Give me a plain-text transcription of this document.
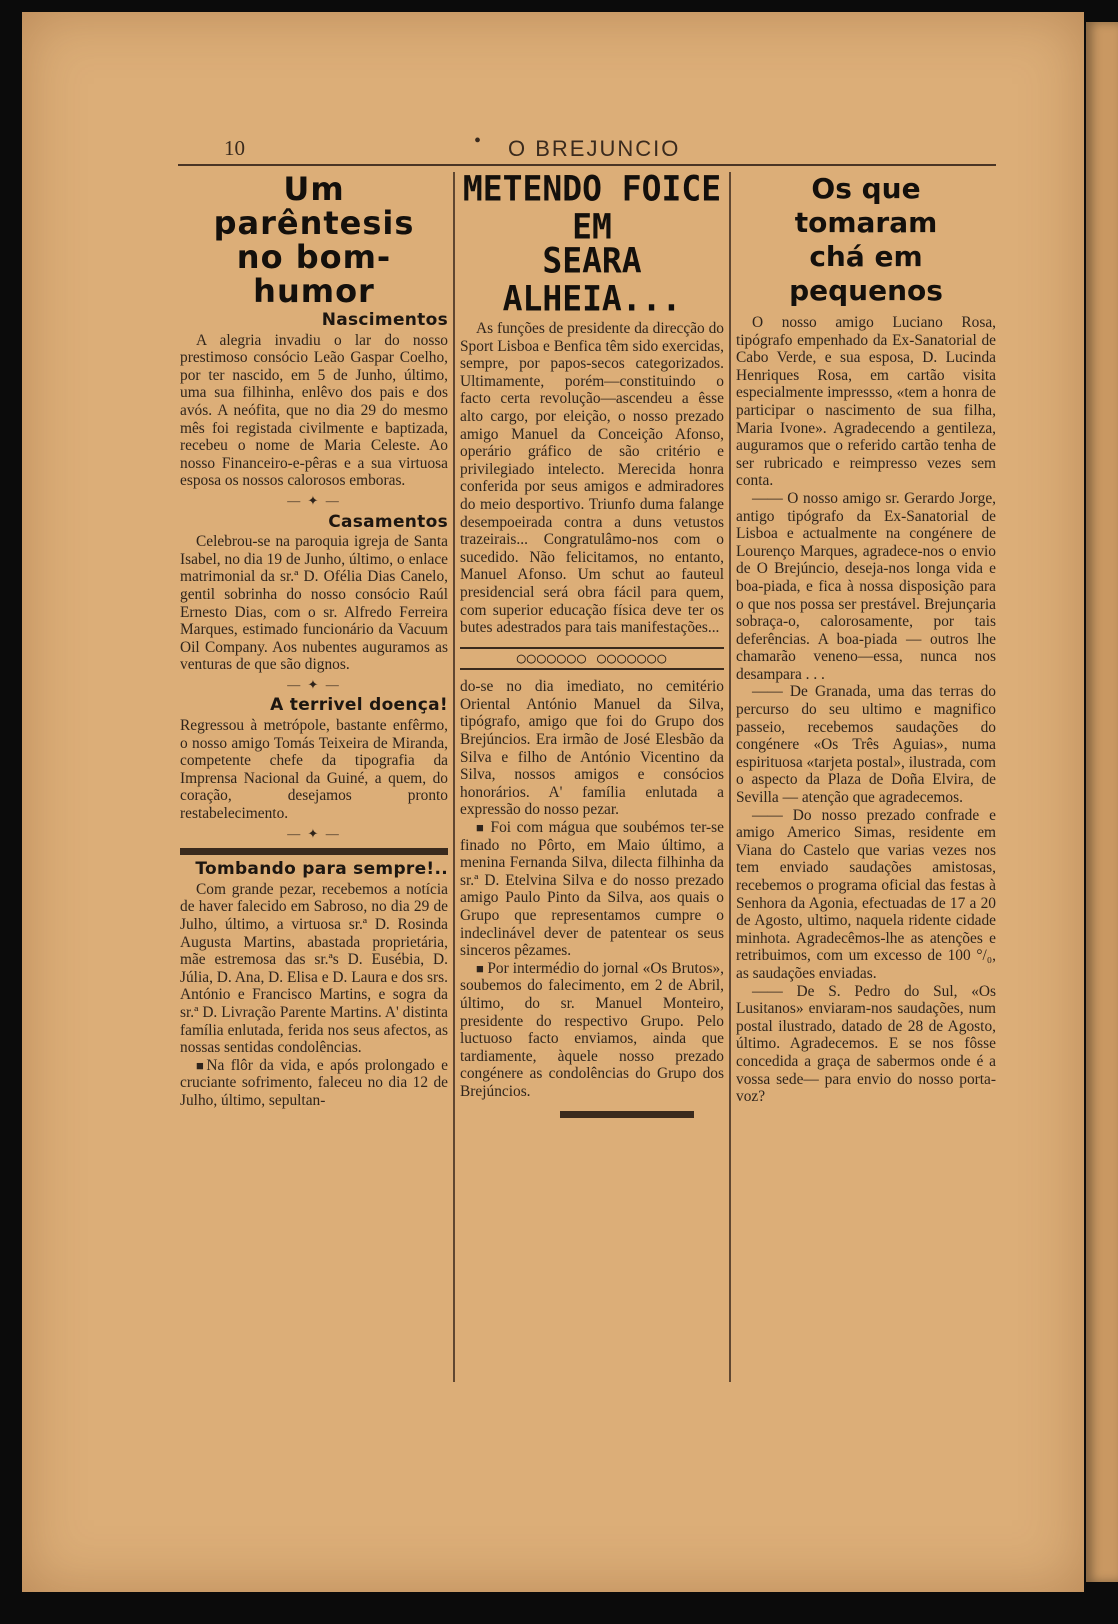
10	• O BREJUNCIO

Um parêntesis

no bom-humor

Nascimentos

A alegria invadiu o lar do nosso prestimoso consócio Leão Gaspar Coelho, por ter nascido, em 5 de Junho, último, uma sua filhinha, enlêvo dos pais e dos avós. A neófita, que no dia 29 do mesmo mês foi registada civilmente e baptizada, recebeu o nome de Maria Celeste. Ao nosso Financeiro-e-pêras e a sua virtuosa esposa os nossos calorosos emboras.

— ✦ —
Casamentos

Celebrou-se na paroquia igreja de Santa Isabel, no dia 19 de Junho, último, o enlace matrimonial da sr.ª D. Ofélia Dias Canelo, gentil sobrinha do nosso consócio Raúl Ernesto Dias, com o sr. Alfredo Ferreira Marques, estimado funcionário da Vacuum Oil Company. Aos nubentes auguramos as venturas de que são dignos.

— ✦ —
A terrivel doença!

Regressou à metrópole, bastante enfêrmo, o nosso amigo Tomás Teixeira de Miranda, competente chefe da tipografia da Imprensa Nacional da Guiné, a quem, do coração, desejamos pronto restabelecimento.

— ✦ —
Tombando para sempre!..

Com grande pezar, recebemos a notícia de haver falecido em Sabroso, no dia 29 de Julho, último, a virtuosa sr.ª D. Rosinda Augusta Martins, abastada proprietária, mãe estremosa das sr.ªs D. Eusébia, D. Júlia, D. Ana, D. Elisa e D. Laura e dos srs. António e Francisco Martins, e sogra da sr.ª D. Livração Parente Martins. A' distinta família enlutada, ferida nos seus afectos, as nossas sentidas condolências.

■Na flôr da vida, e após prolongado e cruciante sofrimento, faleceu no dia 12 de Julho, último, sepultan-

METENDO FOICE EM

SEARA ALHEIA...

As funções de presidente da direcção do Sport Lisboa e Benfica têm sido exercidas, sempre, por papos-secos categorizados. Ultimamente, porém—constituindo o facto certa revolução—ascendeu a êsse alto cargo, por eleição, o nosso prezado amigo Manuel da Conceição Afonso, operário gráfico de são critério e privilegiado intelecto. Merecida honra conferida por seus amigos e admiradores do meio desportivo. Triunfo duma falange desempoeirada contra a duns vetustos trazeirais... Congratulâmo-nos com o sucedido. Não felicitamos, no entanto, Manuel Afonso. Um schut ao fauteul presidencial será obra fácil para quem, com superior educação física deve ter os butes adestrados para tais manifestações...

○○○○○○○ ○○○○○○○

do-se no dia imediato, no cemitério Oriental António Manuel da Silva, tipógrafo, amigo que foi do Grupo dos Brejúncios. Era irmão de José Elesbão da Silva e filho de António Vicentino da Silva, nossos amigos e consócios honorários. A' família enlutada a expressão do nosso pezar.

■ Foi com mágua que soubémos ter-se finado no Pôrto, em Maio último, a menina Fernanda Silva, dilecta filhinha da sr.ª D. Etelvina Silva e do nosso prezado amigo Paulo Pinto da Silva, aos quais o Grupo que representamos cumpre o indeclinável dever de patentear os seus sinceros pêzames.

■ Por intermédio do jornal «Os Brutos», soubemos do falecimento, em 2 de Abril, último, do sr. Manuel Monteiro, presidente do respectivo Grupo. Pelo luctuoso facto enviamos, ainda que tardiamente, àquele nosso prezado congénere as condolências do Grupo dos Brejúncios.

Os que tomaram

chá em pequenos

O nosso amigo Luciano Rosa, tipógrafo empenhado da Ex-Sanatorial de Cabo Verde, e sua esposa, D. Lucinda Henriques Rosa, em cartão visita especialmente impressso, «tem a honra de participar o nascimento de sua filha, Maria Ivone». Agradecendo a gentileza, auguramos que o referido cartão tenha de ser rubricado e reimpresso vezes sem conta.

—— O nosso amigo sr. Gerardo Jorge, antigo tipógrafo da Ex-Sanatorial de Lisboa e actualmente na congénere de Lourenço Marques, agradece-nos o envio de O Brejúncio, deseja-nos longa vida e boa-piada, e fica à nossa disposição para o que nos possa ser prestável. Brejunçaria sobraça-o, calorosamente, por tais deferências. A boa-piada — outros lhe chamarão veneno—essa, nunca nos desampara . . .

—— De Granada, uma das terras do percurso do seu ultimo e magnifico passeio, recebemos saudações do congénere «Os Três Aguias», numa espirituosa «tarjeta postal», ilustrada, com o aspecto da Plaza de Doña Elvira, de Sevilla — atenção que agradecemos.

—— Do nosso prezado confrade e amigo Americo Simas, residente em Viana do Castelo que varias vezes nos tem enviado saudações amistosas, recebemos o programa oficial das festas à Senhora da Agonia, efectuadas de 17 a 20 de Agosto, ultimo, naquela ridente cidade minhota. Agradecêmos-lhe as atenções e retribuimos, com um excesso de 100 °/₀, as saudações enviadas.

—— De S. Pedro do Sul, «Os Lusitanos» enviaram-nos saudações, num postal ilustrado, datado de 28 de Agosto, último. Agradecemos. E se nos fôsse concedida a graça de sabermos onde é a vossa sede— para envio do nosso porta-voz?
